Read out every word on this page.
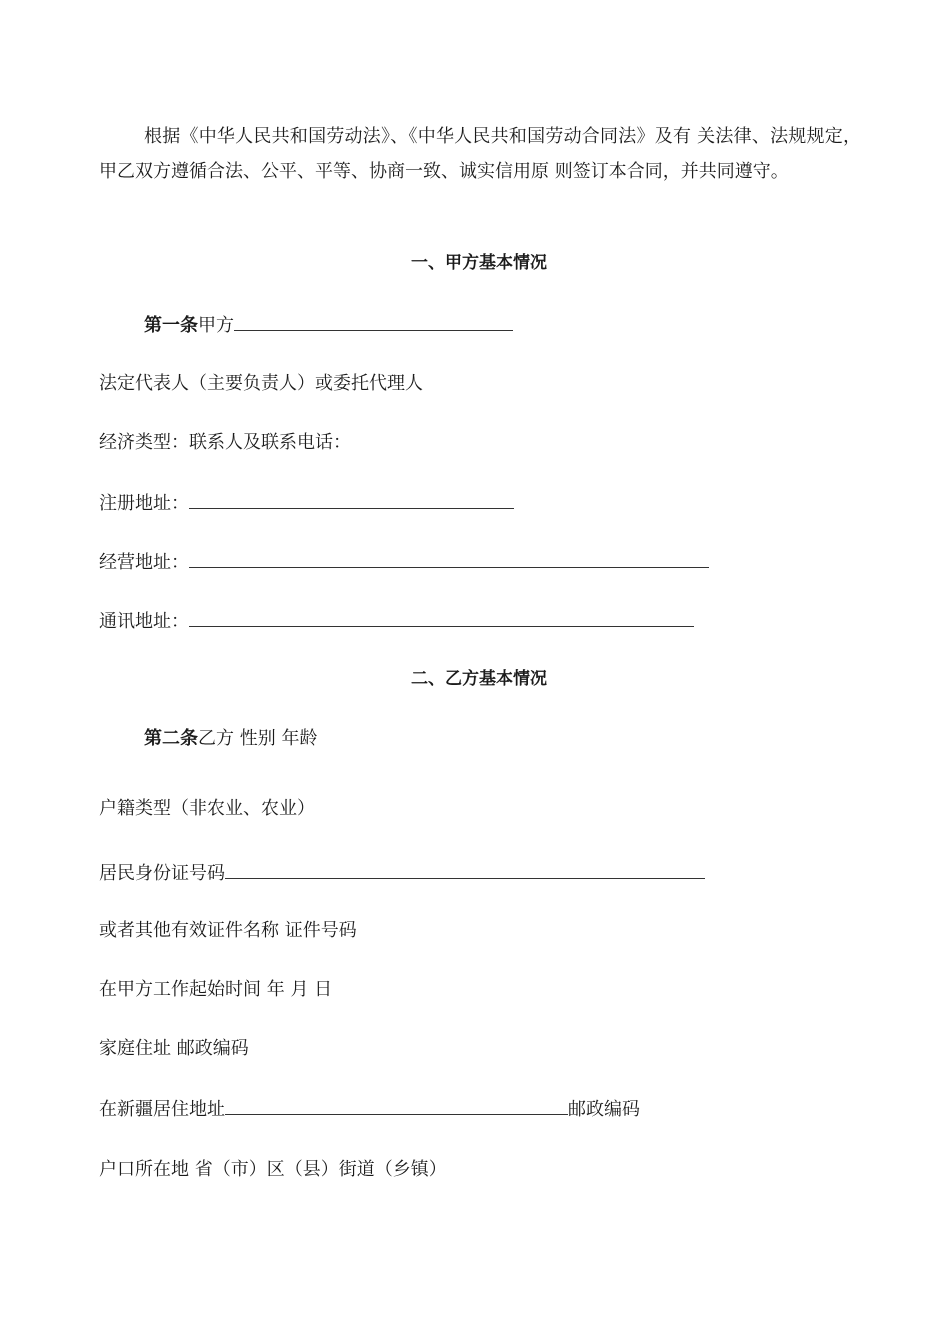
根据《中华人民共和国劳动法》、《中华人民共和国劳动合同法》及有 关法律、法规规定，甲乙双方遵循合法、公平、平等、协商一致、诚实信用原 则签订本合同，并共同遵守。
一、甲方基本情况
第一条甲方
法定代表人（主要负责人）或委托代理人
经济类型：联系人及联系电话：
注册地址：
经营地址：
通讯地址：
二、乙方基本情况
第二条乙方 性别 年龄
户籍类型（非农业、农业）
居民身份证号码
或者其他有效证件名称 证件号码
在甲方工作起始时间 年 月 日
家庭住址 邮政编码
在新疆居住地址	邮政编码
户口所在地 省（市）区（县）街道（乡镇）
